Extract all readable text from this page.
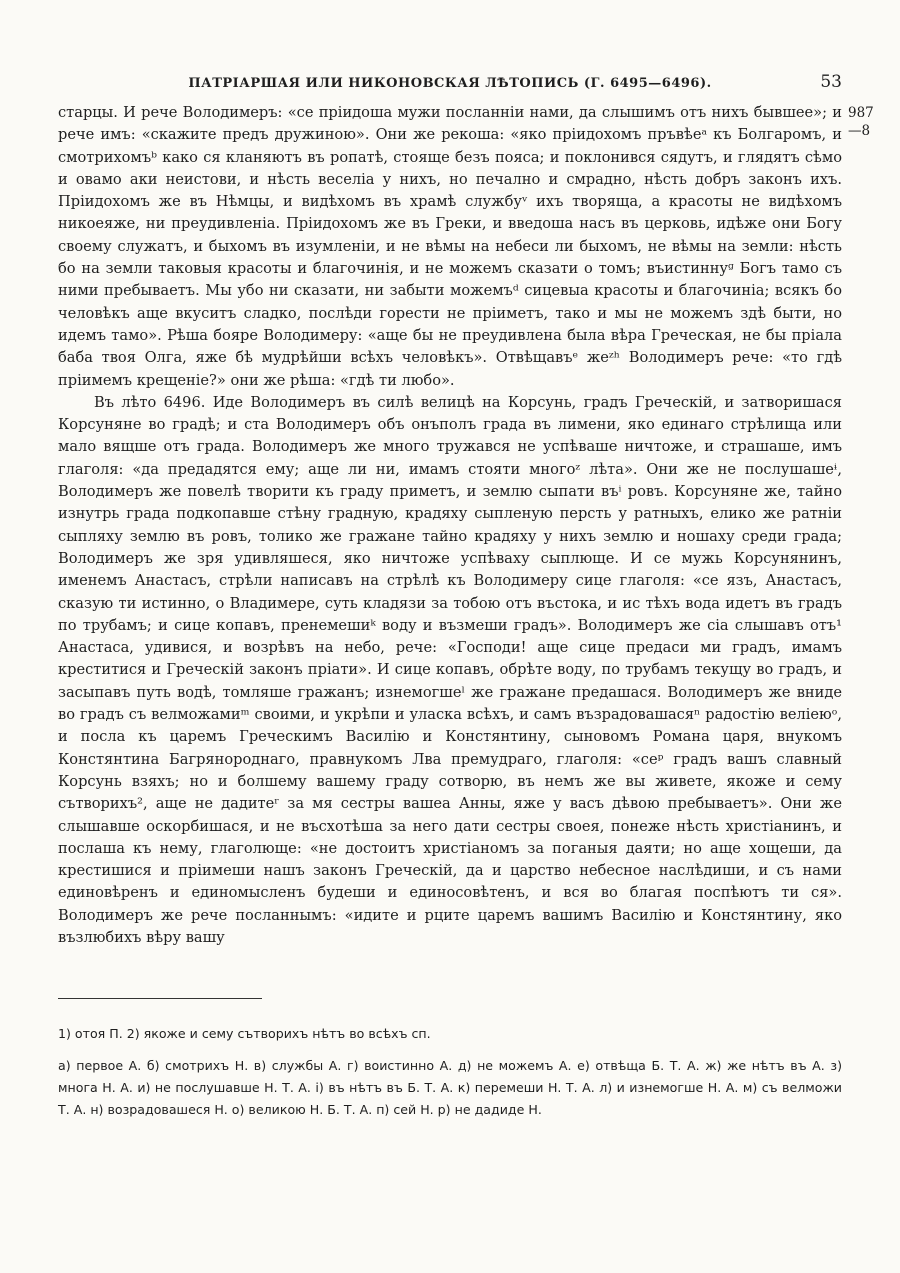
ПАТРІАРШАЯ ИЛИ НИКОНОВСКАЯ ЛѢТОПИСЬ (Г. 6495—6496).	53
987
—8

старцы. И рече Володимеръ: «се пріидоша мужи посланніи нами, да слышимъ отъ нихъ бывшее»; и рече имъ: «скажите предъ дружиною». Они же рекоша: «яко пріидохомъ пръвѣеᵃ къ Болгаромъ, и смотрихомъᵇ како ся кланяютъ въ ропатѣ, стояще безъ пояса; и поклонився сядутъ, и глядятъ сѣмо и овамо аки неистови, и нѣсть веселіа у нихъ, но печално и смрадно, нѣсть добръ законъ ихъ. Пріидохомъ же въ Нѣмцы, и видѣхомъ въ храмѣ службуᵛ ихъ творяща, а красоты не видѣхомъ никоеяже, ни преудивленіа. Пріидохомъ же въ Греки, и введоша насъ въ церковь, идѣже они Богу своему служатъ, и быхомъ въ изумленіи, и не вѣмы на небеси ли быхомъ, не вѣмы на земли: нѣсть бо на земли таковыя красоты и благочинія, и не можемъ сказати о томъ; въистиннуᵍ Богъ тамо съ ними пребываетъ. Мы убо ни сказати, ни забыти можемъᵈ сицевыа красоты и благочиніа; всякъ бо человѣкъ аще вкуситъ сладко, послѣди горести не пріиметъ, тако и мы не можемъ здѣ быти, но идемъ тамо». Рѣша бояре Володимеру: «аще бы не преудивлена была вѣра Греческая, не бы пріала баба твоя Олга, яже бѣ мудрѣйши всѣхъ человѣкъ». Отвѣщавъᵉ жеᶻʰ Володимеръ рече: «то гдѣ пріимемъ крещеніе?» они же рѣша: «гдѣ ти любо».

Въ лѣто 6496. Иде Володимеръ въ силѣ велицѣ на Корсунь, градъ Греческій, и затворишася Корсуняне во градѣ; и ста Володимеръ объ онъполъ града въ лимени, яко единаго стрѣлища или мало вящше отъ града. Володимеръ же много тружався не успѣваше ничтоже, и страшаше, имъ глаголя: «да предадятся ему; аще ли ни, имамъ стояти многоᶻ лѣта». Они же не послушашеᶤ, Володимеръ же повелѣ творити къ граду приметъ, и землю сыпати въⁱ ровъ. Корсуняне же, тайно изнутрь града подкопавше стѣну градную, крадяху сыпленую персть у ратныхъ, елико же ратніи сыпляху землю въ ровъ, толико же гражане тайно крадяху у нихъ землю и ношаху среди града; Володимеръ же зря удивляшеся, яко ничтоже успѣваху сыплюще. И се мужь Корсунянинъ, именемъ Анастасъ, стрѣли написавъ на стрѣлѣ къ Володимеру сице глаголя: «се язъ, Анастасъ, сказую ти истинно, о Владимере, суть кладязи за тобою отъ въстока, и ис тѣхъ вода идетъ въ градъ по трубамъ; и сице копавъ, пренемешиᵏ воду и възмеши градъ». Володимеръ же сіа слышавъ отъ¹ Анастаса, удивися, и возрѣвъ на небо, рече: «Господи! аще сице предаси ми градъ, имамъ креститися и Греческій законъ пріати». И сице копавъ, обрѣте воду, по трубамъ текущу во градъ, и засыпавъ путь водѣ, томляше гражанъ; изнемогшеˡ же гражане предашася. Володимеръ же вниде во градъ съ велможамиᵐ своими, и укрѣпи и уласка всѣхъ, и самъ възрадовашасяⁿ радостію веліеюᵒ, и посла къ царемъ Греческимъ Василію и Констянтину, сыновомъ Романа царя, внукомъ Констянтина Багрянороднаго, правнукомъ Лва премудраго, глаголя: «сеᵖ градъ вашъ славный Корсунь взяхъ; но и болшему вашему граду сотворю, въ немъ же вы живете, якоже и сему сътворихъ², аще не дадитеʳ за мя сестры вашеа Анны, яже у васъ дѣвою пребываетъ». Они же слышавше оскорбишася, и не въсхотѣша за него дати сестры своея, понеже нѣсть христіанинъ, и послаша къ нему, глаголюще: «не достоитъ христіаномъ за поганыя даяти; но аще хощеши, да крестишися и пріимеши нашъ законъ Греческій, да и царство небесное наслѣдиши, и съ нами единовѣренъ и единомысленъ будеши и единосовѣтенъ, и вся во благая поспѣютъ ти ся». Володимеръ же рече посланнымъ: «идите и рците царемъ вашимъ Василію и Констянтину, яко възлюбихъ вѣру вашу

1) отоя П. 2) якоже и сему сътворихъ нѣтъ во всѣхъ сп.

а) первое А. б) смотрихъ Н. в) службы А. г) воистинно А. д) не можемъ А. е) отвѣща Б. Т. А. ж) же нѣтъ въ А. з) многа Н. А. и) не послушавше Н. Т. А. і) въ нѣтъ въ Б. Т. А. к) перемеши Н. Т. А. л) и изнемогше Н. А. м) съ велможи Т. А. н) возрадовашеся Н. о) великою Н. Б. Т. А. п) сей Н. р) не дадиде Н.
